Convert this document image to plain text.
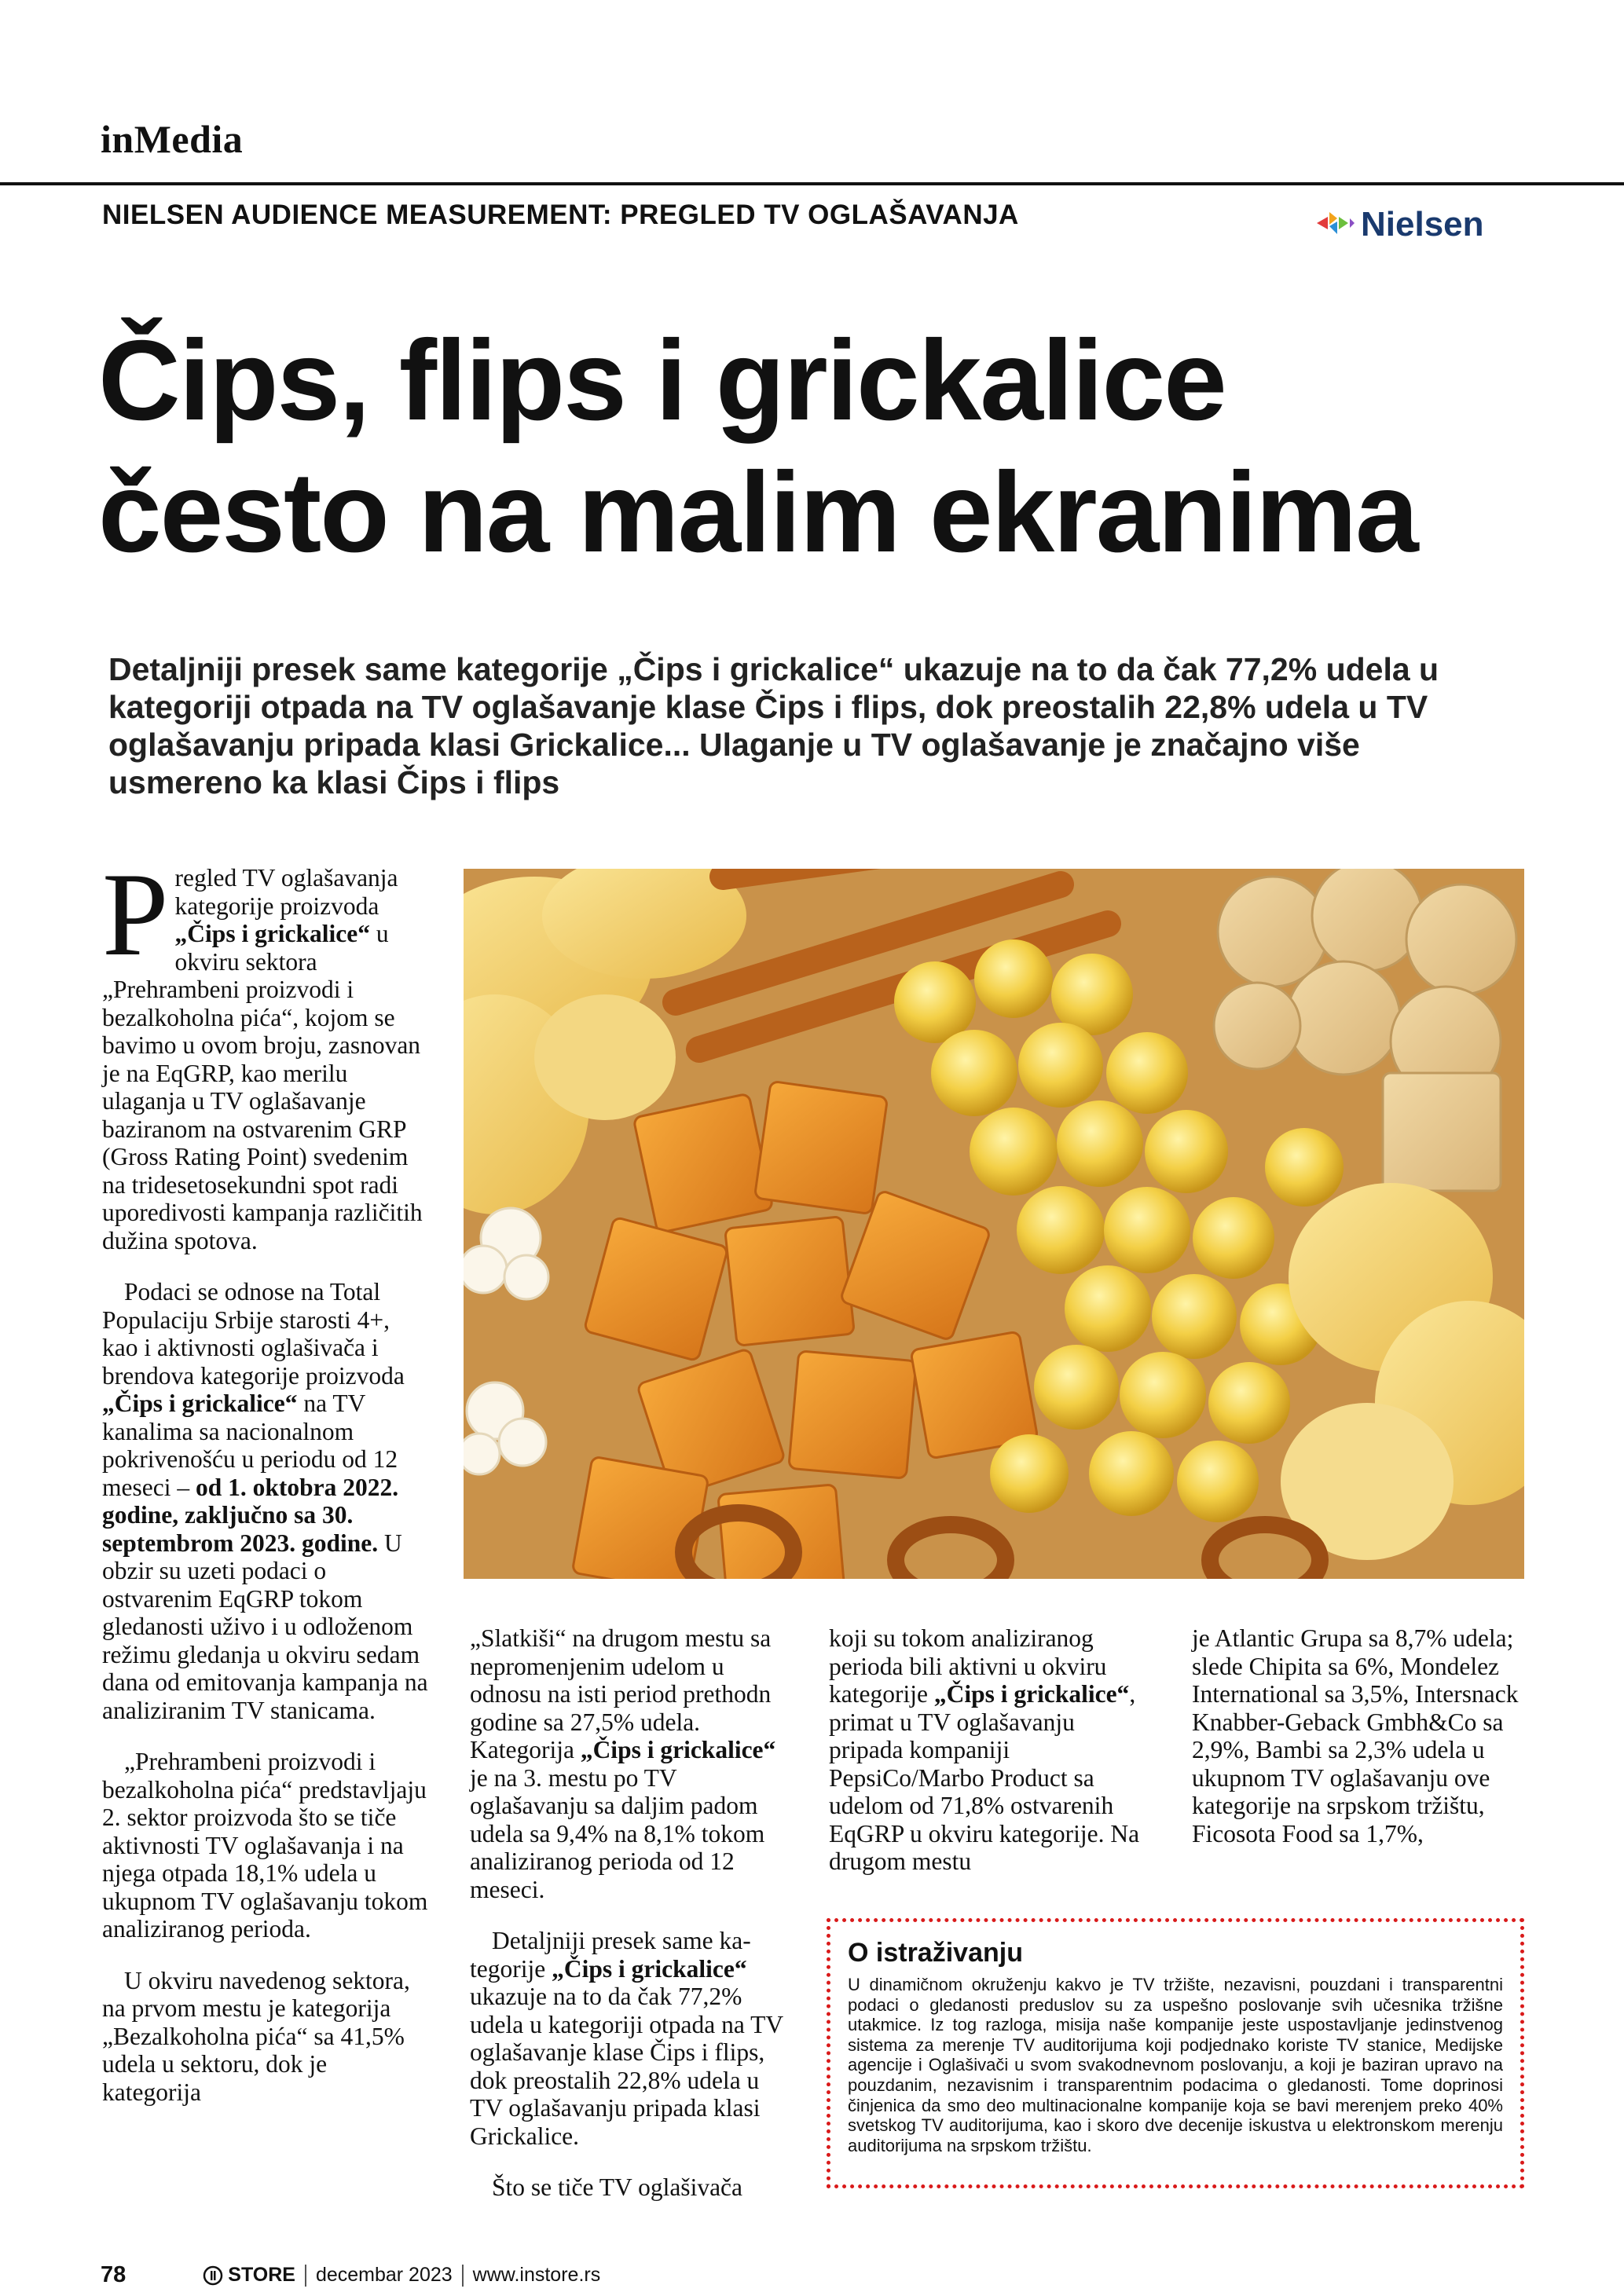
inMedia
NIELSEN AUDIENCE MEASUREMENT: PREGLED TV OGLAŠAVANJA	Nielsen
Čips, flips i grickalice
često na malim ekranima
Detaljniji presek same kategorije „Čips i grickalice“ ukazuje na to da čak 77,2% udela u kategoriji otpada na TV oglašavanje klase Čips i flips, dok preostalih 22,8% udela u TV oglašavanju pripada klasi Grickalice... Ulaganje u TV oglašavanje je značajno više usmereno ka klasi Čips i flips

Pregled TV oglašavanja kategorije proizvoda „Čips i grickalice“ u okviru sektora „Prehrambeni proizvodi i bezalkoholna pića“, kojom se bavimo u ovom broju, zasnovan je na EqGRP, kao merilu ulaganja u TV oglašavanje baziranom na ostvarenim GRP (Gross Rating Point) svedenim na tridesetosekundni spot radi uporedivosti kampanja različitih dužina spotova.

Podaci se odnose na Total Populaciju Srbije starosti 4+, kao i aktivnosti oglašivača i brendova kategorije proizvoda „Čips i grickalice“ na TV kanalima sa nacionalnom pokrivenošću u periodu od 12 meseci – od 1. oktobra 2022. godine, zaključno sa 30. septembrom 2023. godine. U obzir su uzeti podaci o ostvarenim EqGRP tokom gledanosti uživo i u odloženom režimu gledanja u okviru sedam dana od emitovanja kampanja na analiziranim TV stanicama.

„Prehrambeni proizvodi i bezalkoholna pića“ predstavljaju 2. sektor proizvoda što se tiče aktivnosti TV oglašavanja i na njega otpada 18,1% udela u ukupnom TV oglašavanju tokom analiziranog perioda.

U okviru navedenog sektora, na prvom mestu je kategorija „Bezalkoholna pića“ sa 41,5% udela u sektoru, dok je kategorija

„Slatkiši“ na drugom mestu sa nepromenjenim udelom u odnosu na isti period prethodn godine sa 27,5% udela. Kategorija „Čips i grickalice“ je na 3. mestu po TV oglašavanju sa daljim padom udela sa 9,4% na 8,1% tokom analiziranog perioda od 12 meseci.

Detaljniji presek same kategorije „Čips i grickalice“ ukazuje na to da čak 77,2% udela u kategoriji otpada na TV oglašavanje klase Čips i flips, dok preostalih 22,8% udela u TV oglašavanju pripada klasi Grickalice.

Što se tiče TV oglašivača

koji su tokom analiziranog perioda bili aktivni u okviru kategorije „Čips i grickalice“, primat u TV oglašavanju pripada kompaniji PepsiCo/Marbo Product sa udelom od 71,8% ostvarenih EqGRP u okviru kategorije. Na drugom mestu

je Atlantic Grupa sa 8,7% udela; slede Chipita sa 6%, Mondelez International sa 3,5%, Intersnack Knabber-Geback Gmbh&Co sa 2,9%, Bambi sa 2,3% udela u ukupnom TV oglašavanju ove kategorije na srpskom tržištu, Ficosota Food sa 1,7%,

O istraživanju

U dinamičnom okruženju kakvo je TV tržište, nezavisni, pouzdani i transparentni podaci o gledanosti preduslov su za uspešno poslovanje svih učesnika tržišne utakmice. Iz tog razloga, misija naše kompanije jeste uspostavljanje jedinstvenog sistema za merenje TV auditorijuma koji podjednako koriste TV stanice, Medijske agencije i Oglašivači u svom svakodnevnom poslovanju, a koji je baziran upravo na pouzdanim, nezavisnim i transparentnim podacima o gledanosti. Tome doprinosi činjenica da smo deo multinacionalne kompanije koja se bavi merenjem preko 40% svetskog TV auditorijuma, kao i skoro dve decenije iskustva u elektronskom merenju auditorijuma na srpskom tržištu.

78	STORE decembar 2023 www.instore.rs
